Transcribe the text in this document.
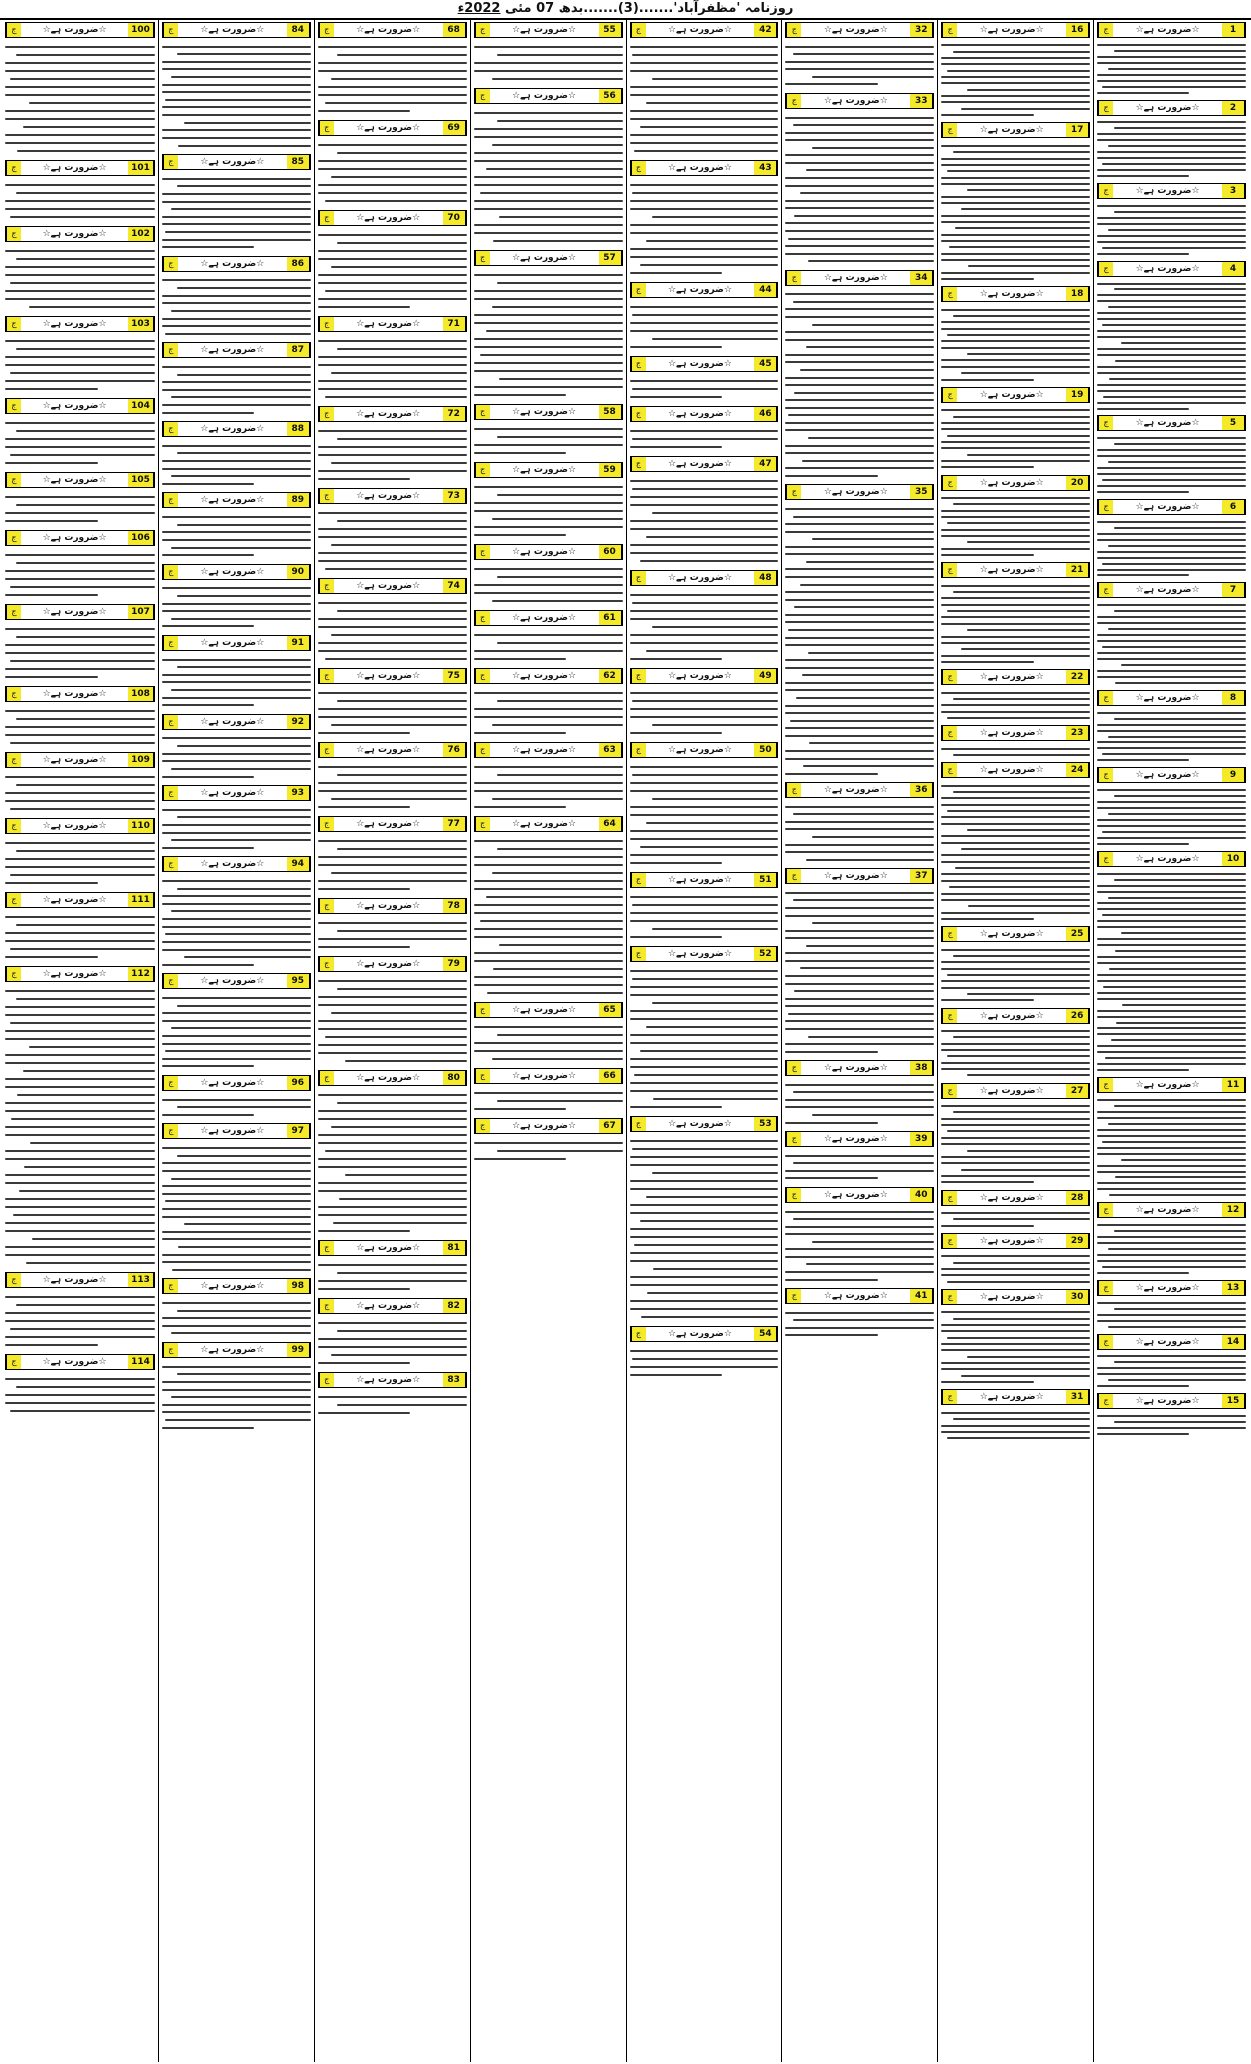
روزنامہ 'مظفرآباد'.......(3).......بدھ 07 مئی 2022ء
ج	☆ضرورت ہے☆	1
ج	☆ضرورت ہے☆	2
ج	☆ضرورت ہے☆	3
ج	☆ضرورت ہے☆	4
ج	☆ضرورت ہے☆	5
ج	☆ضرورت ہے☆	6
ج	☆ضرورت ہے☆	7
ج	☆ضرورت ہے☆	8
ج	☆ضرورت ہے☆	9
ج	☆ضرورت ہے☆	10
ج	☆ضرورت ہے☆	11
ج	☆ضرورت ہے☆	12
ج	☆ضرورت ہے☆	13
ج	☆ضرورت ہے☆	14
ج	☆ضرورت ہے☆	15
ج	☆ضرورت ہے☆	16
ج	☆ضرورت ہے☆	17
ج	☆ضرورت ہے☆	18
ج	☆ضرورت ہے☆	19
ج	☆ضرورت ہے☆	20
ج	☆ضرورت ہے☆	21
ج	☆ضرورت ہے☆	22
ج	☆ضرورت ہے☆	23
ج	☆ضرورت ہے☆	24
ج	☆ضرورت ہے☆	25
ج	☆ضرورت ہے☆	26
ج	☆ضرورت ہے☆	27
ج	☆ضرورت ہے☆	28
ج	☆ضرورت ہے☆	29
ج	☆ضرورت ہے☆	30
ج	☆ضرورت ہے☆	31
ج	☆ضرورت ہے☆	32
ج	☆ضرورت ہے☆	33
ج	☆ضرورت ہے☆	34
ج	☆ضرورت ہے☆	35
ج	☆ضرورت ہے☆	36
ج	☆ضرورت ہے☆	37
ج	☆ضرورت ہے☆	38
ج	☆ضرورت ہے☆	39
ج	☆ضرورت ہے☆	40
ج	☆ضرورت ہے☆	41
ج	☆ضرورت ہے☆	42
ج	☆ضرورت ہے☆	43
ج	☆ضرورت ہے☆	44
ج	☆ضرورت ہے☆	45
ج	☆ضرورت ہے☆	46
ج	☆ضرورت ہے☆	47
ج	☆ضرورت ہے☆	48
ج	☆ضرورت ہے☆	49
ج	☆ضرورت ہے☆	50
ج	☆ضرورت ہے☆	51
ج	☆ضرورت ہے☆	52
ج	☆ضرورت ہے☆	53
ج	☆ضرورت ہے☆	54
ج	☆ضرورت ہے☆	55
ج	☆ضرورت ہے☆	56
ج	☆ضرورت ہے☆	57
ج	☆ضرورت ہے☆	58
ج	☆ضرورت ہے☆	59
ج	☆ضرورت ہے☆	60
ج	☆ضرورت ہے☆	61
ج	☆ضرورت ہے☆	62
ج	☆ضرورت ہے☆	63
ج	☆ضرورت ہے☆	64
ج	☆ضرورت ہے☆	65
ج	☆ضرورت ہے☆	66
ج	☆ضرورت ہے☆	67
ج	☆ضرورت ہے☆	68
ج	☆ضرورت ہے☆	69
ج	☆ضرورت ہے☆	70
ج	☆ضرورت ہے☆	71
ج	☆ضرورت ہے☆	72
ج	☆ضرورت ہے☆	73
ج	☆ضرورت ہے☆	74
ج	☆ضرورت ہے☆	75
ج	☆ضرورت ہے☆	76
ج	☆ضرورت ہے☆	77
ج	☆ضرورت ہے☆	78
ج	☆ضرورت ہے☆	79
ج	☆ضرورت ہے☆	80
ج	☆ضرورت ہے☆	81
ج	☆ضرورت ہے☆	82
ج	☆ضرورت ہے☆	83
ج	☆ضرورت ہے☆	84
ج	☆ضرورت ہے☆	85
ج	☆ضرورت ہے☆	86
ج	☆ضرورت ہے☆	87
ج	☆ضرورت ہے☆	88
ج	☆ضرورت ہے☆	89
ج	☆ضرورت ہے☆	90
ج	☆ضرورت ہے☆	91
ج	☆ضرورت ہے☆	92
ج	☆ضرورت ہے☆	93
ج	☆ضرورت ہے☆	94
ج	☆ضرورت ہے☆	95
ج	☆ضرورت ہے☆	96
ج	☆ضرورت ہے☆	97
ج	☆ضرورت ہے☆	98
ج	☆ضرورت ہے☆	99
ج	☆ضرورت ہے☆	100
ج	☆ضرورت ہے☆	101
ج	☆ضرورت ہے☆	102
ج	☆ضرورت ہے☆	103
ج	☆ضرورت ہے☆	104
ج	☆ضرورت ہے☆	105
ج	☆ضرورت ہے☆	106
ج	☆ضرورت ہے☆	107
ج	☆ضرورت ہے☆	108
ج	☆ضرورت ہے☆	109
ج	☆ضرورت ہے☆	110
ج	☆ضرورت ہے☆	111
ج	☆ضرورت ہے☆	112
ج	☆ضرورت ہے☆	113
ج	☆ضرورت ہے☆	114
